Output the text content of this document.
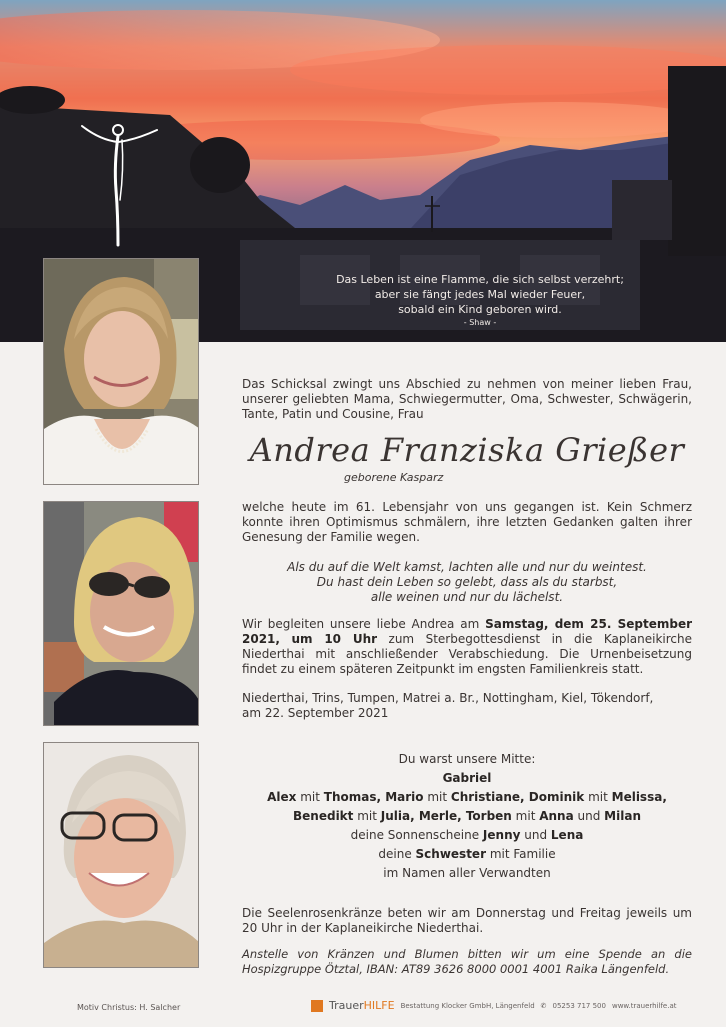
Das Leben ist eine Flamme, die sich selbst verzehrt;
aber sie fängt jedes Mal wieder Feuer,
sobald ein Kind geboren wird.
- Shaw -
Das Schicksal zwingt uns Abschied zu nehmen von meiner lieben Frau, unserer geliebten Mama, Schwiegermutter, Oma, Schwester, Schwägerin, Tante, Patin und Cousine, Frau
Andrea Franziska Grießer
geborene Kasparz
welche heute im 61. Lebensjahr von uns gegangen ist. Kein Schmerz konnte ihren Optimismus schmälern, ihre letzten Gedanken galten ihrer Genesung der Familie wegen.
Als du auf die Welt kamst, lachten alle und nur du weintest.
Du hast dein Leben so gelebt, dass als du starbst,
alle weinen und nur du lächelst.
Wir begleiten unsere liebe Andrea am Samstag, dem 25. September 2021, um 10 Uhr zum Sterbegottesdienst in die Kaplaneikirche Niederthai mit anschließender Verabschiedung. Die Urnenbeisetzung findet zu einem späteren Zeitpunkt im engsten Familienkreis statt.
Niederthai, Trins, Tumpen, Matrei a. Br., Nottingham, Kiel, Tökendorf,
am 22. September 2021
Du warst unsere Mitte:
Gabriel
Alex mit Thomas, Mario mit Christiane, Dominik mit Melissa,
Benedikt mit Julia, Merle, Torben mit Anna und Milan
deine Sonnenscheine Jenny und Lena
deine Schwester mit Familie
im Namen aller Verwandten
Die Seelenrosenkränze beten wir am Donnerstag und Freitag jeweils um 20 Uhr in der Kaplaneikirche Niederthai.
Anstelle von Kränzen und Blumen bitten wir um eine Spende an die Hospizgruppe Ötztal, IBAN: AT89 3626 8000 0001 4001 Raika Längenfeld.
Motiv Christus: H. Salcher	TrauerHILFE Bestattung Klocker GmbH, Längenfeld ✆ 05253 717 500 www.trauerhilfe.at
